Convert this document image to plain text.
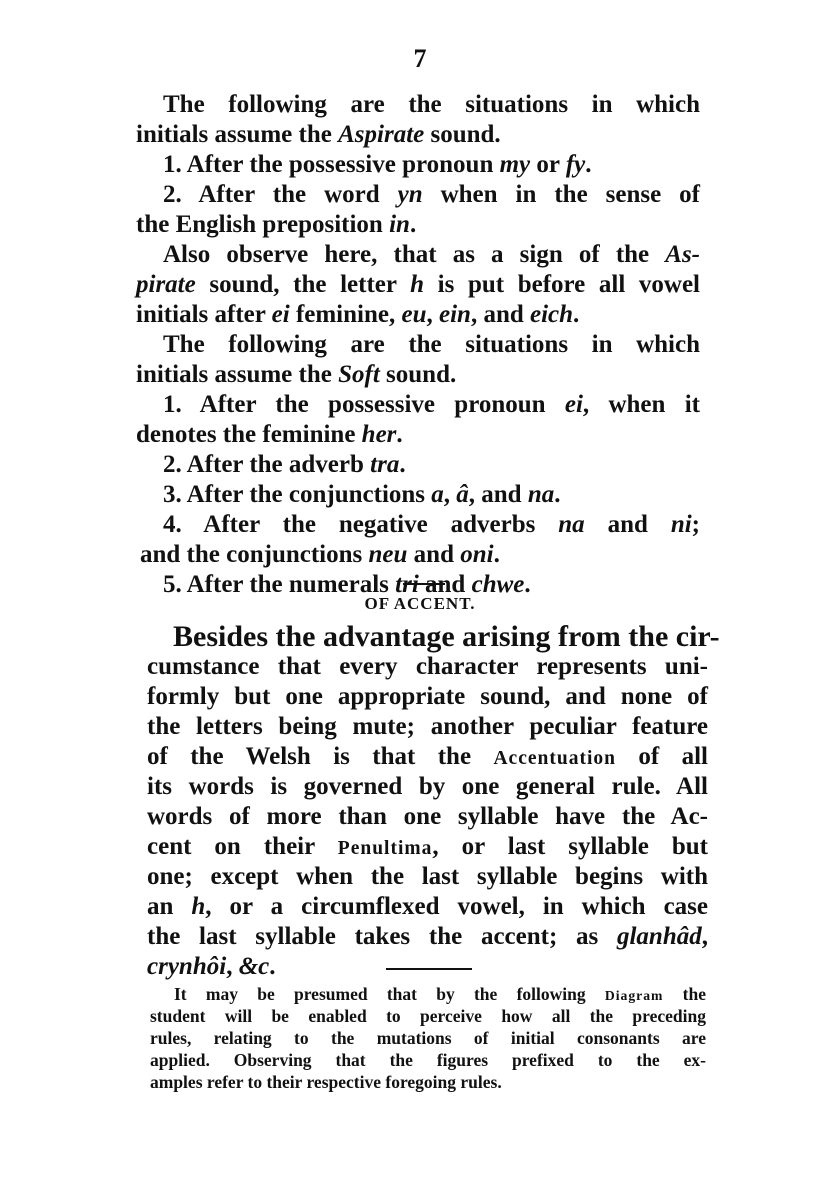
7
The following are the situations in which
initials assume the Aspirate sound.
1. After the possessive pronoun my or fy.
2. After the word yn when in the sense of
the English preposition in.
Also observe here, that as a sign of the As-
pirate sound, the letter h is put before all vowel
initials after ei feminine, eu, ein, and eich.
The following are the situations in which
initials assume the Soft sound.
1. After the possessive pronoun ei, when it
denotes the feminine her.
2. After the adverb tra.
3. After the conjunctions a, â, and na.
4. After the negative adverbs na and ni;
and the conjunctions neu and oni.
5. After the numerals tri and chwe.
OF ACCENT.
Besides the advantage arising from the cir-
cumstance that every character represents uni-
formly but one appropriate sound, and none of
the letters being mute; another peculiar feature
of the Welsh is that the Accentuation of all
its words is governed by one general rule. All
words of more than one syllable have the Ac-
cent on their Penultima, or last syllable but
one; except when the last syllable begins with
an h, or a circumflexed vowel, in which case
the last syllable takes the accent; as glanhâd,
crynhôi, &c.
It may be presumed that by the following Diagram the
student will be enabled to perceive how all the preceding
rules, relating to the mutations of initial consonants are
applied. Observing that the figures prefixed to the ex-
amples refer to their respective foregoing rules.
